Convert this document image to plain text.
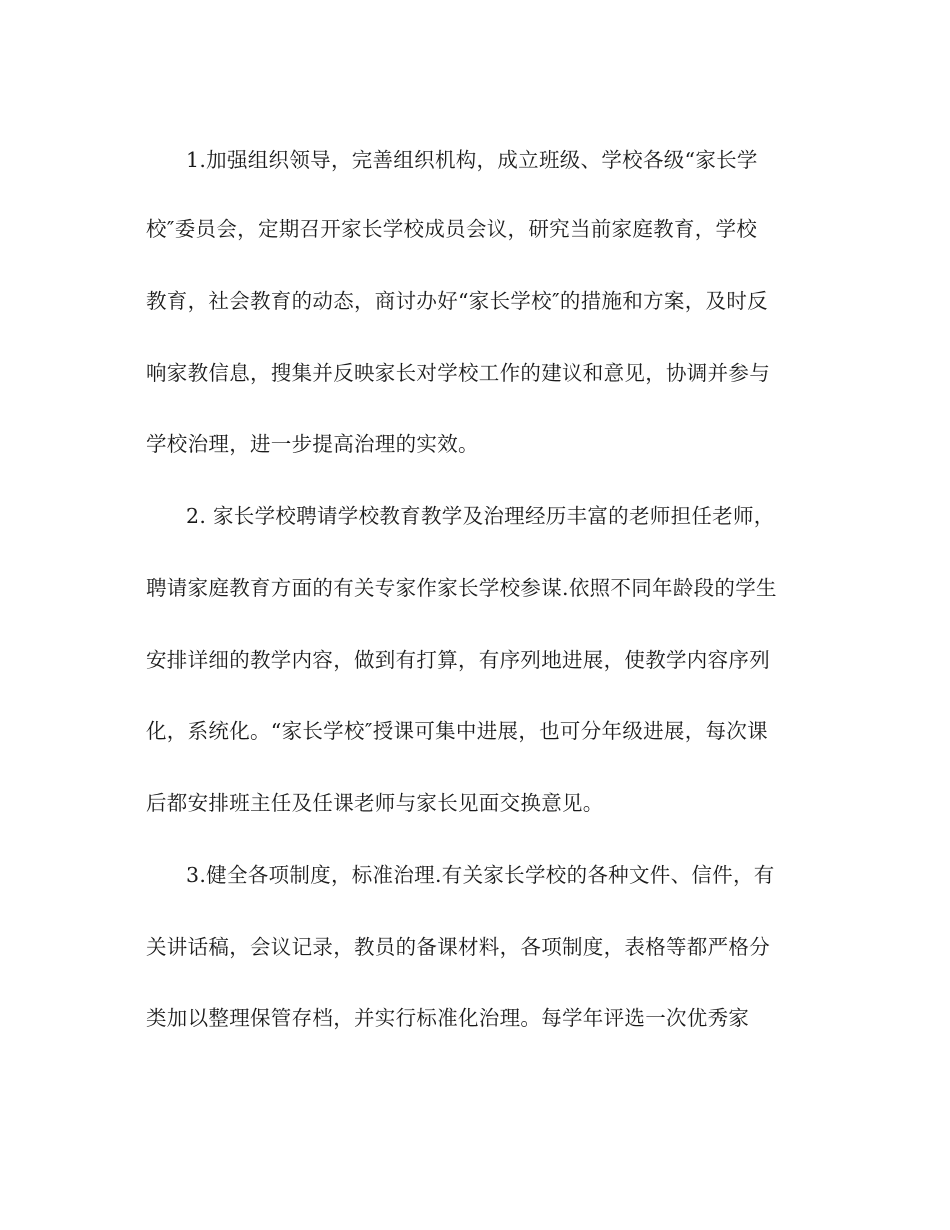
1.加强组织领导，完善组织机构，成立班级、学校各级“家长学
校″委员会，定期召开家长学校成员会议，研究当前家庭教育，学校
教育，社会教育的动态，商讨办好“家长学校″的措施和方案，及时反
响家教信息，搜集并反映家长对学校工作的建议和意见，协调并参与
学校治理，进一步提高治理的实效。
2. 家长学校聘请学校教育教学及治理经历丰富的老师担任老师，
聘请家庭教育方面的有关专家作家长学校参谋.依照不同年龄段的学生
安排详细的教学内容，做到有打算，有序列地进展，使教学内容序列
化，系统化。“家长学校″授课可集中进展，也可分年级进展，每次课
后都安排班主任及任课老师与家长见面交换意见。
3.健全各项制度，标准治理.有关家长学校的各种文件、信件，有
关讲话稿，会议记录，教员的备课材料，各项制度，表格等都严格分
类加以整理保管存档，并实行标准化治理。每学年评选一次优秀家
